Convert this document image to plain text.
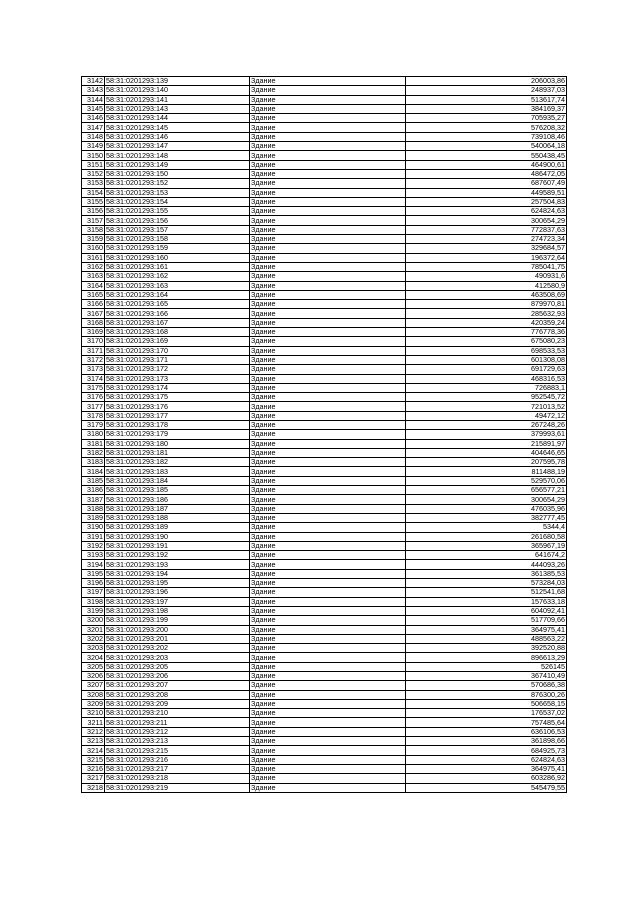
3142	58:31:0201293:139	Здание	206003,86
3143	58:31:0201293:140	Здание	248937,03
3144	58:31:0201293:141	Здание	513617,74
3145	58:31:0201293:143	Здание	384169,37
3146	58:31:0201293:144	Здание	705935,27
3147	58:31:0201293:145	Здание	576208,32
3148	58:31:0201293:146	Здание	739108,46
3149	58:31:0201293:147	Здание	540064,18
3150	58:31:0201293:148	Здание	550438,45
3151	58:31:0201293:149	Здание	464900,61
3152	58:31:0201293:150	Здание	486472,05
3153	58:31:0201293:152	Здание	687607,49
3154	58:31:0201293:153	Здание	449589,51
3155	58:31:0201293:154	Здание	257504,83
3156	58:31:0201293:155	Здание	624824,63
3157	58:31:0201293:156	Здание	300654,29
3158	58:31:0201293:157	Здание	772837,63
3159	58:31:0201293:158	Здание	274723,34
3160	58:31:0201293:159	Здание	329684,57
3161	58:31:0201293:160	Здание	196372,64
3162	58:31:0201293:161	Здание	785041,75
3163	58:31:0201293:162	Здание	490931,6
3164	58:31:0201293:163	Здание	412580,9
3165	58:31:0201293:164	Здание	463508,69
3166	58:31:0201293:165	Здание	879970,81
3167	58:31:0201293:166	Здание	285632,93
3168	58:31:0201293:167	Здание	420359,24
3169	58:31:0201293:168	Здание	776778,36
3170	58:31:0201293:169	Здание	675080,23
3171	58:31:0201293:170	Здание	698533,53
3172	58:31:0201293:171	Здание	601308,08
3173	58:31:0201293:172	Здание	691729,63
3174	58:31:0201293:173	Здание	468316,53
3175	58:31:0201293:174	Здание	726883,1
3176	58:31:0201293:175	Здание	952545,72
3177	58:31:0201293:176	Здание	721013,52
3178	58:31:0201293:177	Здание	49472,12
3179	58:31:0201293:178	Здание	267248,26
3180	58:31:0201293:179	Здание	379993,61
3181	58:31:0201293:180	Здание	215891,97
3182	58:31:0201293:181	Здание	404646,65
3183	58:31:0201293:182	Здание	207595,78
3184	58:31:0201293:183	Здание	811488,19
3185	58:31:0201293:184	Здание	529570,06
3186	58:31:0201293:185	Здание	656577,21
3187	58:31:0201293:186	Здание	300654,29
3188	58:31:0201293:187	Здание	476035,96
3189	58:31:0201293:188	Здание	382777,45
3190	58:31:0201293:189	Здание	5344,4
3191	58:31:0201293:190	Здание	261680,58
3192	58:31:0201293:191	Здание	365967,19
3193	58:31:0201293:192	Здание	641674,2
3194	58:31:0201293:193	Здание	444093,26
3195	58:31:0201293:194	Здание	361385,53
3196	58:31:0201293:195	Здание	573284,03
3197	58:31:0201293:196	Здание	512541,68
3198	58:31:0201293:197	Здание	157633,18
3199	58:31:0201293:198	Здание	604092,41
3200	58:31:0201293:199	Здание	517709,66
3201	58:31:0201293:200	Здание	364975,41
3202	58:31:0201293:201	Здание	488563,22
3203	58:31:0201293:202	Здание	392520,88
3204	58:31:0201293:203	Здание	896613,29
3205	58:31:0201293:205	Здание	526145
3206	58:31:0201293:206	Здание	367410,49
3207	58:31:0201293:207	Здание	570686,38
3208	58:31:0201293:208	Здание	876300,26
3209	58:31:0201293:209	Здание	506658,15
3210	58:31:0201293:210	Здание	176537,02
3211	58:31:0201293:211	Здание	757485,64
3212	58:31:0201293:212	Здание	636106,53
3213	58:31:0201293:213	Здание	361898,66
3214	58:31:0201293:215	Здание	684925,73
3215	58:31:0201293:216	Здание	624824,63
3216	58:31:0201293:217	Здание	364975,41
3217	58:31:0201293:218	Здание	603286,92
3218	58:31:0201293:219	Здание	545479,55
